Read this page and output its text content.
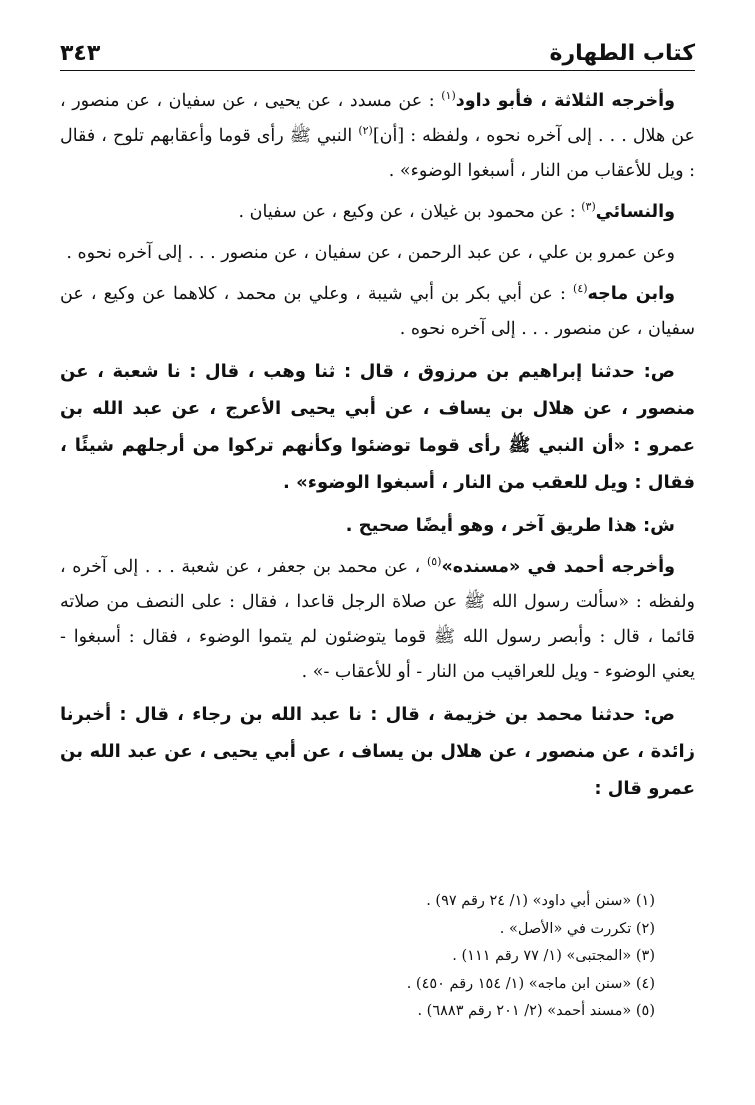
كتاب الطهارة
٣٤٣

وأخرجه الثلاثة ، فأبو داود$^{(١)}$ : عن مسدد ، عن يحيى ، عن سفيان ، عن منصور ، عن هلال . . . إلى آخره نحوه ، ولفظه : [أن]$^{(٢)}$ النبي ﷺ رأى قوما وأعقابهم تلوح ، فقال : ويل للأعقاب من النار ، أسبغوا الوضوء» .

والنسائي$^{(٣)}$ : عن محمود بن غيلان ، عن وكيع ، عن سفيان .

وعن عمرو بن علي ، عن عبد الرحمن ، عن سفيان ، عن منصور . . . إلى آخره نحوه .

وابن ماجه$^{(٤)}$ : عن أبي بكر بن أبي شيبة ، وعلي بن محمد ، كلاهما عن وكيع ، عن سفيان ، عن منصور . . . إلى آخره نحوه .

ص: حدثنا إبراهيم بن مرزوق ، قال : ثنا وهب ، قال : نا شعبة ، عن منصور ، عن هلال بن يساف ، عن أبي يحيى الأعرج ، عن عبد الله بن عمرو : «أن النبي ﷺ رأى قوما توضئوا وكأنهم تركوا من أرجلهم شيئًا ، فقال : ويل للعقب من النار ، أسبغوا الوضوء» .

ش: هذا طريق آخر ، وهو أيضًا صحيح .

وأخرجه أحمد في «مسنده»$^{(٥)}$ ، عن محمد بن جعفر ، عن شعبة . . . إلى آخره ، ولفظه : «سألت رسول الله ﷺ عن صلاة الرجل قاعدا ، فقال : على النصف من صلاته قائما ، قال : وأبصر رسول الله ﷺ قوما يتوضئون لم يتموا الوضوء ، فقال : أسبغوا - يعني الوضوء - ويل للعراقيب من النار - أو للأعقاب -» .

ص: حدثنا محمد بن خزيمة ، قال : نا عبد الله بن رجاء ، قال : أخبرنا زائدة ، عن منصور ، عن هلال بن يساف ، عن أبي يحيى ، عن عبد الله بن عمرو قال :

(١) «سنن أبي داود» (١/ ٢٤ رقم ٩٧) .
(٢) تكررت في «الأصل» .
(٣) «المجتبى» (١/ ٧٧ رقم ١١١) .
(٤) «سنن ابن ماجه» (١/ ١٥٤ رقم ٤٥٠) .
(٥) «مسند أحمد» (٢/ ٢٠١ رقم ٦٨٨٣) .
